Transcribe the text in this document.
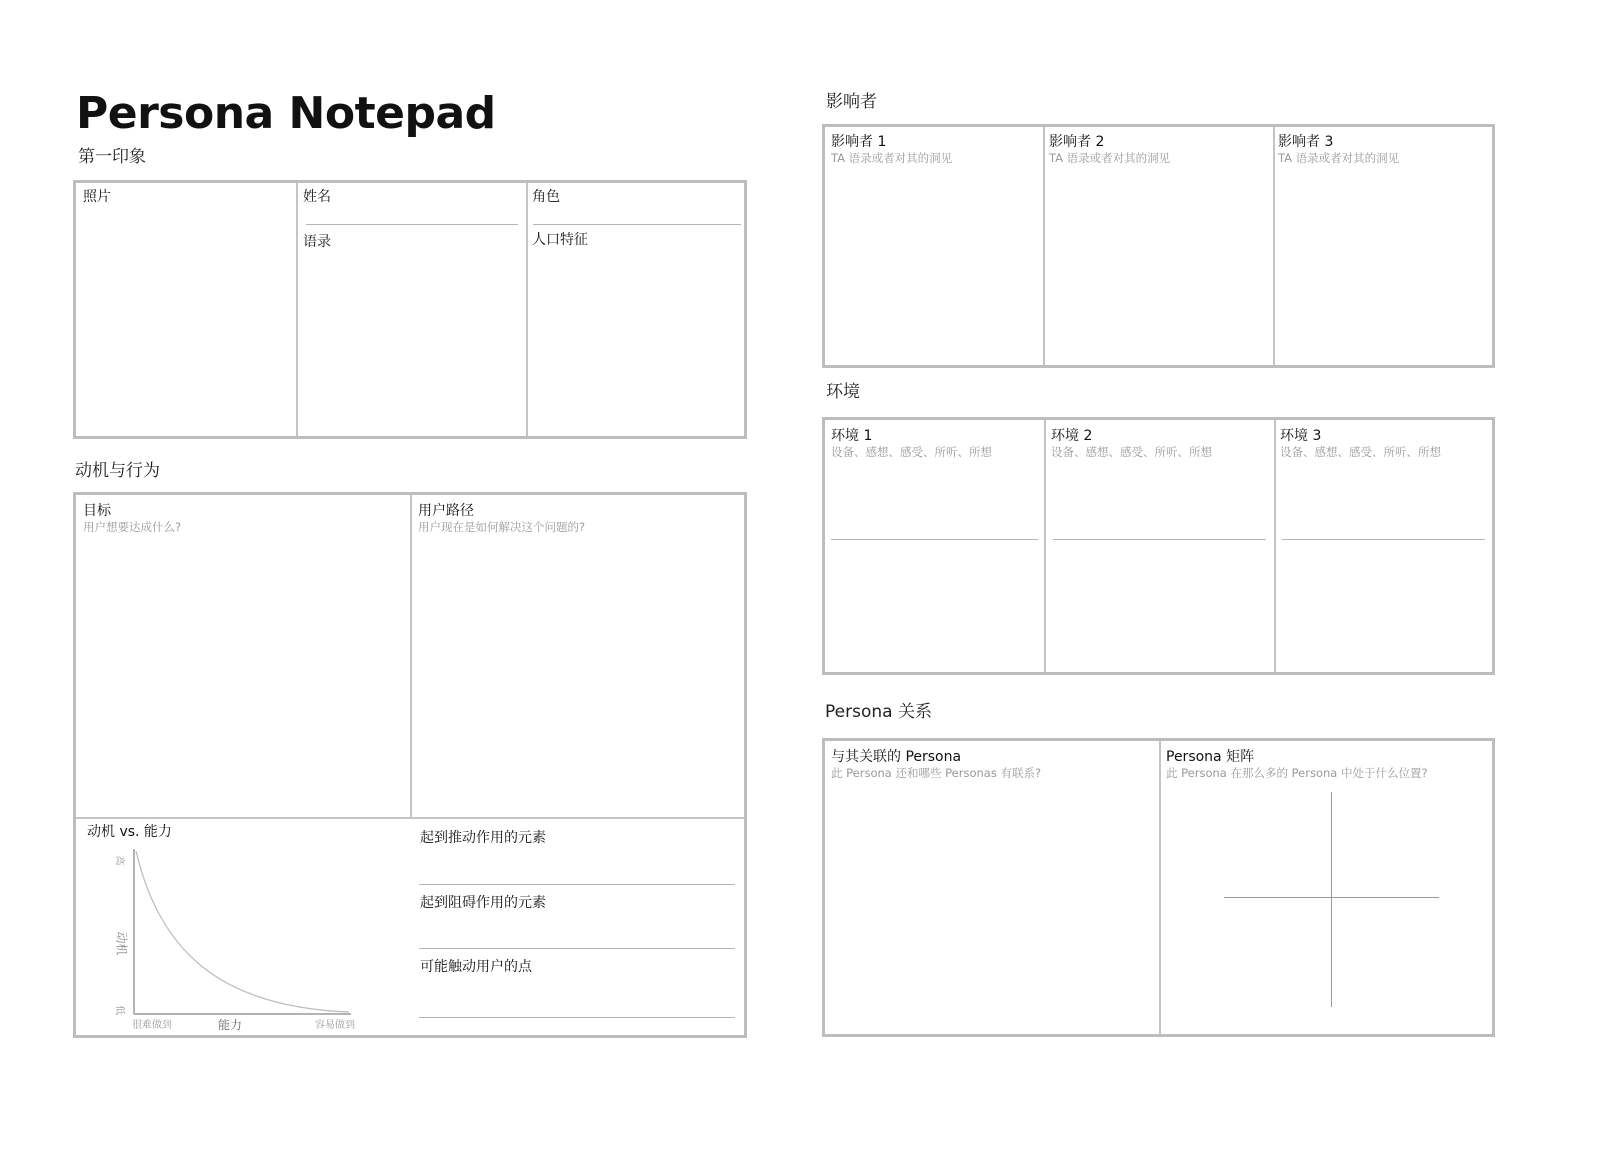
Persona Notepad
第一印象
照片	姓名
语录
角色
人口特征
动机与行为
目标
用户想要达成什么?
用户路径
用户现在是如何解决这个问题的?
动机 vs. 能力
高
动机
低
很难做到	能力	容易做到
起到推动作用的元素
起到阻碍作用的元素
可能触动用户的点
影响者
影响者 1
TA 语录或者对其的洞见
影响者 2
TA 语录或者对其的洞见
影响者 3
TA 语录或者对其的洞见
环境
环境 1
设备、感想、感受、所听、所想
环境 2
设备、感想、感受、所听、所想
环境 3
设备、感想、感受、所听、所想
Persona 关系
与其关联的 Persona
此 Persona 还和哪些 Personas 有联系?
Persona 矩阵
此 Persona 在那么多的 Persona 中处于什么位置?
